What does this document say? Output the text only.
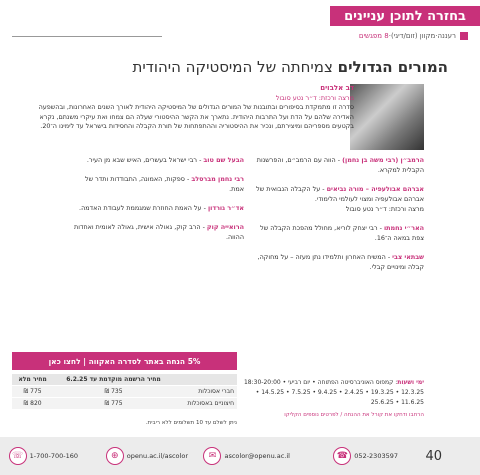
בחזרה לתוכן עניינים
רעננה
·
מקוון (זום/דיגי)
·
8 מפגשים
המורים הגדולים צמיחתה של המיסטיקה היהודית
דב אלבוים
מרצה ורכזת: ד״ר נטע סובול
סדרה זו מתמקדת בסיפורים ובתובנות של המורים הגדולים של המיסטיקה היהודית לאורך השנים האחרונות, ובהשפעה האדירה שלהם על הדת ועל התרבות היהודית. נתארך את הקשר ההיסטורי שעלה הם צמחו ואת עיקרי משנתם, נקרא בקטעים מספריהם ומיצירתם, ונכיר את ההיסטוריה וההתפתחות של תורת הקבלה והחסידות בישראל עד לימינו ה־20.
הרמב״ן (רבי משה בן נחמן) - הווה עם הרמב״ם, והפרשנות הקבלית למקרא.
אברהם אבולעפיה – מורה נביאים - על הקבלה הנבואית של אברהם אבולעפיה ומצוי לעולמי הלימודי.
מרצה ורכזת: ד״ר נטע סובול
האר״י נחמתו - רבי יצחק לוריא, מחולל מהפכת הקבלה של צפת במאה ה־16.
שבתאי צבי - המשיח האחרון ותלמידו נתן מעזה – על מחוקה, קבלה ומינויים קבלי.
הבעל שם טוב - רבי ישראל בעשרים, האיש שבא מן העיר.
רבי נחמן מברסלב - ספקות, האמונה, התבודדות ותדר של אמת.
אד״ר גורדון - על האמת החוזרת שמגממת לעבודת האדמה.
הרואייה קוק - הרב קוק, גאולה אישית, גאולה לאומית ואחדות ההווה.
5% הנחה באתר לסדרה האקווה | לחצו כאן
	מחיר הרשמה מוקדמת עד 6.2.25	מחיר מלא
חברי אסוכלות	735 ₪	775 ₪
חיצוניים באסוכלות	775 ₪	820 ₪
ניתן לשלם עד 10 תשלומים ללא ריבית.
ימי ושעות: קמפוס האוניברסיטה הפתוחה • יום רביעי • 18:30-20:00
12.3.25 • 19.3.25 • 2.4.25 • 9.4.25 • 7.5.25 • 14.5.25 • 11.6.25 • 25.6.25
הרחבו ודחקו את קורל את ההנחה / לפרטים נוספים הקליקו
40
☎ 052-2303597
✉	ascolor@openu.ac.il
⊕	openu.ac.il/ascolor
☏ 1-700-700-160
